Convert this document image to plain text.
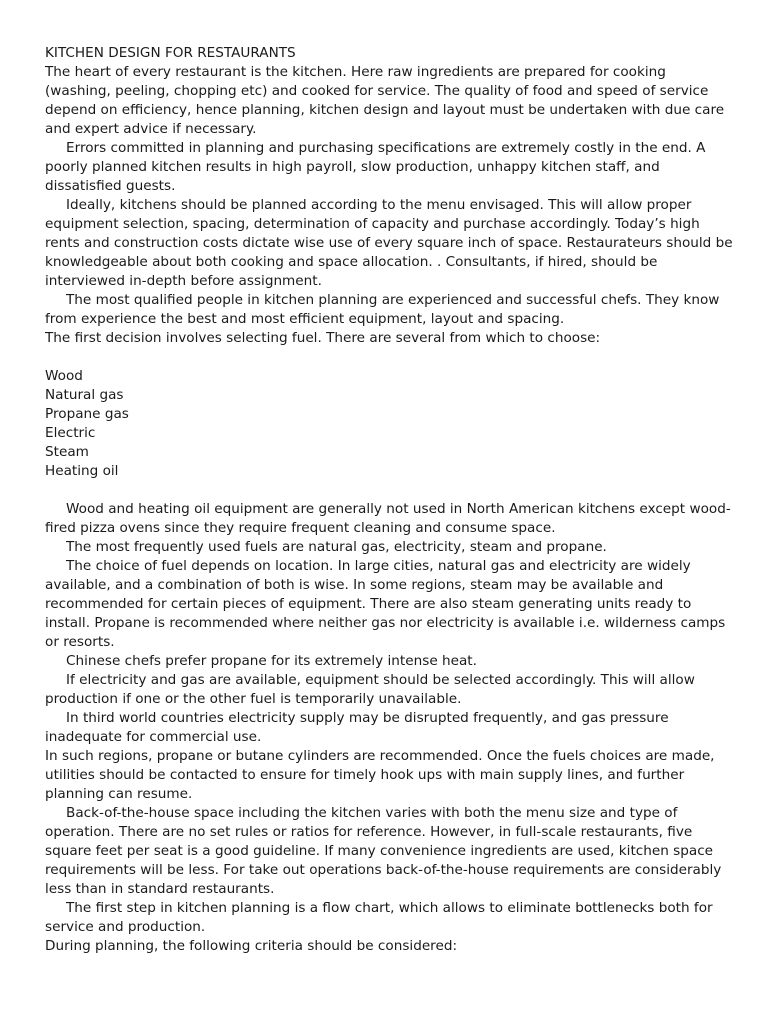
KITCHEN DESIGN FOR RESTAURANTS

The heart of every restaurant is the kitchen. Here raw ingredients are prepared for cooking (washing, peeling, chopping etc) and cooked for service. The quality of food and speed of service depend on efficiency, hence planning, kitchen design and layout must be undertaken with due care and expert advice if necessary.

Errors committed in planning and purchasing specifications are extremely costly in the end. A poorly planned kitchen results in high payroll, slow production, unhappy kitchen staff, and dissatisfied guests.

Ideally, kitchens should be planned according to the menu envisaged. This will allow proper equipment selection, spacing, determination of capacity and purchase accordingly. Today’s high rents and construction costs dictate wise use of every square inch of space. Restaurateurs should be knowledgeable about both cooking and space allocation. . Consultants, if hired, should be interviewed in-depth before assignment.

The most qualified people in kitchen planning are experienced and successful chefs. They know from experience the best and most efficient equipment, layout and spacing.

The first decision involves selecting fuel. There are several from which to choose:

Wood
Natural gas
Propane gas
Electric
Steam
Heating oil

Wood and heating oil equipment are generally not used in North American kitchens except wood-fired pizza ovens since they require frequent cleaning and consume space.

The most frequently used fuels are natural gas, electricity, steam and propane.

The choice of fuel depends on location. In large cities, natural gas and electricity are widely available, and a combination of both is wise. In some regions, steam may be available and recommended for certain pieces of equipment. There are also steam generating units ready to install. Propane is recommended where neither gas nor electricity is available i.e. wilderness camps or resorts.

Chinese chefs prefer propane for its extremely intense heat.

If electricity and gas are available, equipment should be selected accordingly. This will allow production if one or the other fuel is temporarily unavailable.

In third world countries electricity supply may be disrupted frequently, and gas pressure inadequate for commercial use.

In such regions, propane or butane cylinders are recommended. Once the fuels choices are made, utilities should be contacted to ensure for timely hook ups with main supply lines, and further planning can resume.

Back-of-the-house space including the kitchen varies with both the menu size and type of operation. There are no set rules or ratios for reference. However, in full-scale restaurants, five square feet per seat is a good guideline. If many convenience ingredients are used, kitchen space requirements will be less. For take out operations back-of-the-house requirements are considerably less than in standard restaurants.

The first step in kitchen planning is a flow chart, which allows to eliminate bottlenecks both for service and production.

During planning, the following criteria should be considered:
